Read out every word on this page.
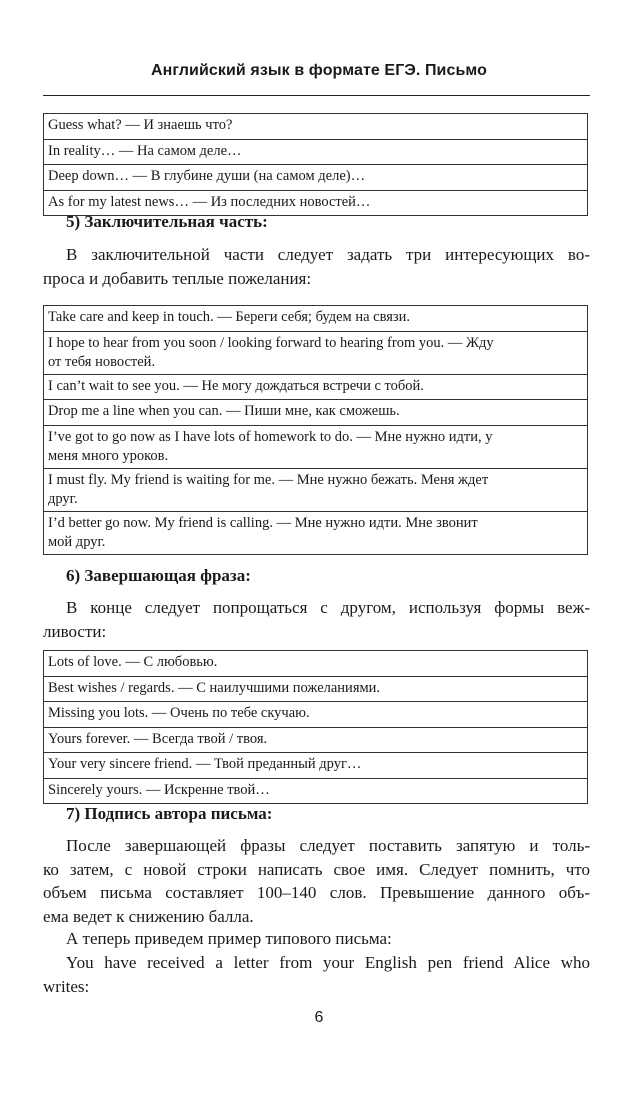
Английский язык в формате ЕГЭ. Письмо
Guess what? — И знаешь что?
In reality… — На самом деле…
Deep down… — В глубине души (на самом деле)…
As for my latest news… — Из последних новостей…
5) Заключительная часть:
В заключительной части следует задать три интересующих во-
проса и добавить теплые пожелания:
Take care and keep in touch. — Береги себя; будем на связи.
I hope to hear from you soon / looking forward to hearing from you. — Жду
от тебя новостей.
I can’t wait to see you. — Не могу дождаться встречи с тобой.
Drop me a line when you can. — Пиши мне, как сможешь.
I’ve got to go now as I have lots of homework to do. — Мне нужно идти, у
меня много уроков.
I must fly. My friend is waiting for me. — Мне нужно бежать. Меня ждет
друг.
I’d better go now. My friend is calling. — Мне нужно идти. Мне звонит
мой друг.
6) Завершающая фраза:
В конце следует попрощаться с другом, используя формы веж-
ливости:
Lots of love. — С любовью.
Best wishes / regards. — С наилучшими пожеланиями.
Missing you lots. — Очень по тебе скучаю.
Yours forever. — Всегда твой / твоя.
Your very sincere friend. — Твой преданный друг…
Sincerely yours. — Искренне твой…
7) Подпись автора письма:
После завершающей фразы следует поставить запятую и толь-
ко затем, с новой строки написать свое имя. Следует помнить, что
объем письма составляет 100–140 слов. Превышение данного объ-
ема ведет к снижению балла.
А теперь приведем пример типового письма:
You have received a letter from your English pen friend Alice who
writes:
6
